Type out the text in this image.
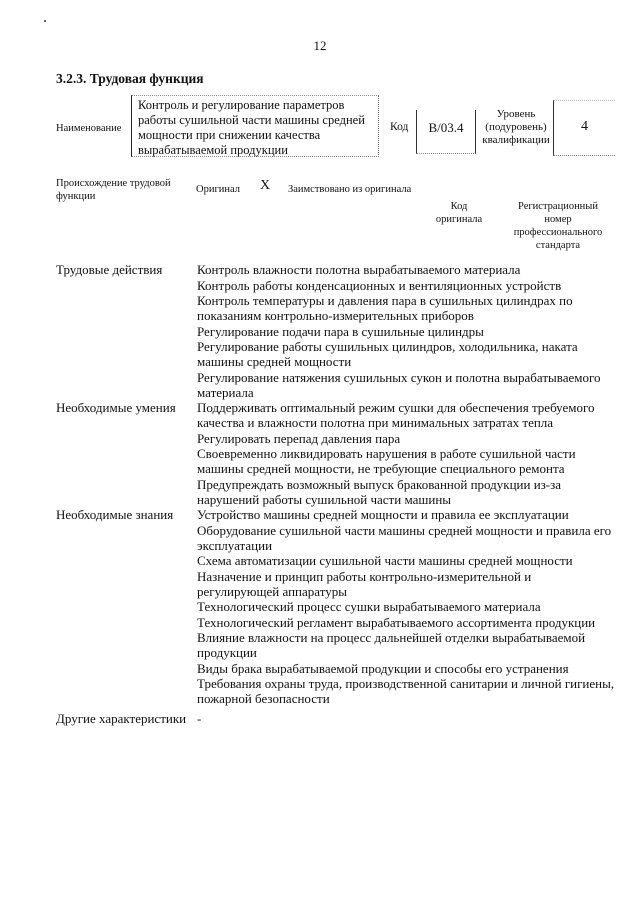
12
3.2.3. Трудовая функция
Наименование
Контроль и регулирование параметров работы сушильной части машины средней мощности при снижении качества вырабатываемой продукции
Код	B/03.4
Уровень (подуровень) квалификации
4
Происхождение трудовой функции
Оригинал X Заимствовано из оригинала
Код оригинала
Регистрационный номер профессионального стандарта
Трудовые действия	Контроль влажности полотна вырабатываемого материала
Контроль работы конденсационных и вентиляционных устройств
Контроль температуры и давления пара в сушильных цилиндрах по показаниям контрольно-измерительных приборов
Регулирование подачи пара в сушильные цилиндры
Регулирование работы сушильных цилиндров, холодильника, наката машины средней мощности
Регулирование натяжения сушильных сукон и полотна вырабатываемого материала
Необходимые умения	Поддерживать оптимальный режим сушки для обеспечения требуемого качества и влажности полотна при минимальных затратах тепла
Регулировать перепад давления пара
Своевременно ликвидировать нарушения в работе сушильной части машины средней мощности, не требующие специального ремонта
Предупреждать возможный выпуск бракованной продукции из-за нарушений работы сушильной части машины
Необходимые знания	Устройство машины средней мощности и правила ее эксплуатации
Оборудование сушильной части машины средней мощности и правила его эксплуатации
Схема автоматизации сушильной части машины средней мощности
Назначение и принцип работы контрольно-измерительной и регулирующей аппаратуры
Технологический процесс сушки вырабатываемого материала
Технологический регламент вырабатываемого ассортимента продукции
Влияние влажности на процесс дальнейшей отделки вырабатываемой продукции
Виды брака вырабатываемой продукции и способы его устранения
Требования охраны труда, производственной санитарии и личной гигиены, пожарной безопасности
Другие характеристики -
